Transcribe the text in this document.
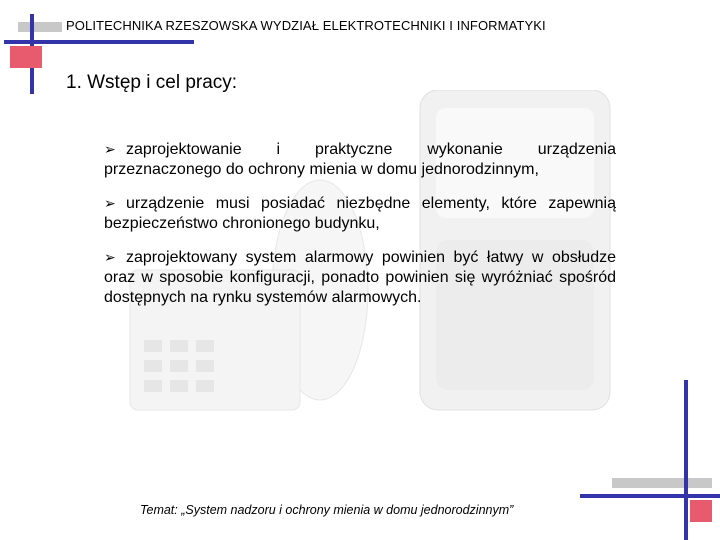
POLITECHNIKA RZESZOWSKA WYDZIAŁ ELEKTROTECHNIKI I INFORMATYKI
1. Wstęp i cel pracy:
➢ zaprojektowanie i praktyczne wykonanie urządzenia przeznaczonego do ochrony mienia w domu jednorodzinnym,
➢ urządzenie musi posiadać niezbędne elementy, które zapewnią bezpieczeństwo chronionego budynku,
➢ zaprojektowany system alarmowy powinien być łatwy w obsłudze oraz w sposobie konfiguracji, ponadto powinien się wyróżniać spośród dostępnych na rynku systemów alarmowych.
Temat: „System nadzoru i ochrony mienia w domu jednorodzinnym”
